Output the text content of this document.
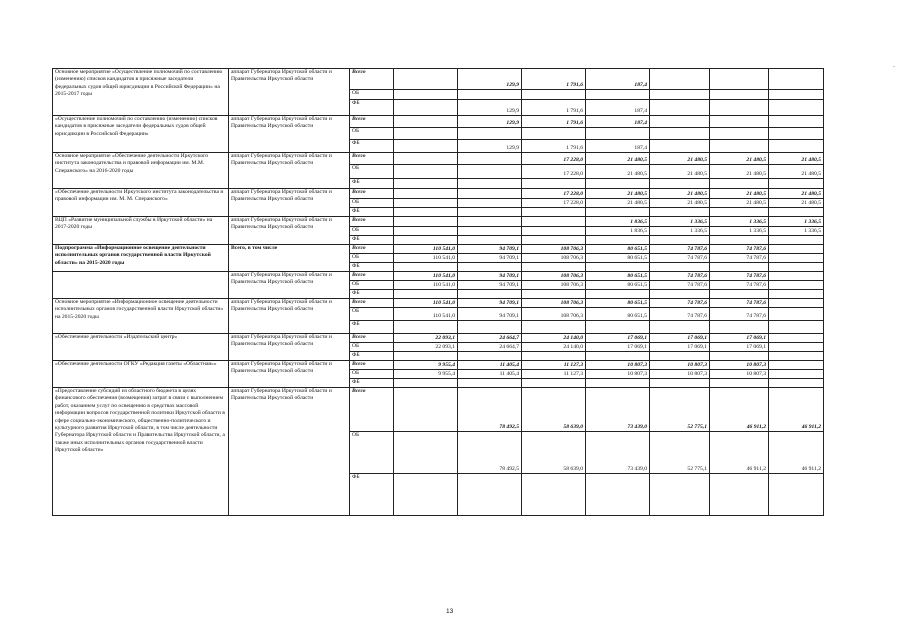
Основное мероприятие «Осуществление полномочий по составлению (изменению) списков кандидатов в присяжные заседатели федеральных судов общей юрисдикции в Российской Федерации» на 2015-2017 годы	аппарат Губернатора Иркутской области и Правительства Иркутской области	Всего		129,9	1 791,6	187,4			
		ОБ							
		ФБ		129,9	1 791,6	187,4			
«Осуществление полномочий по составлению (изменению) списков кандидатов в присяжные заседатели федеральных судов общей юрисдикции в Российской Федерации»	аппарат Губернатора Иркутской области и Правительства Иркутской области	Всего		129,9	1 791,6	187,4			
		ОБ							
		ФБ		129,9	1 791,6	187,4			
Основное мероприятие «Обеспечение деятельности Иркутского института законодательства и правовой информации им. М.М. Сперанского» на 2016-2020 годы	аппарат Губернатора Иркутской области и Правительства Иркутской области	Всего			17 228,0	21 480,5	21 480,5	21 480,5	21 480,5
		ОБ			17 228,0	21 480,5	21 480,5	21 480,5	21 480,5
		ФБ							
«Обеспечение деятельности Иркутского института законодательства и правовой информации им. М. М. Сперанского»	аппарат Губернатора Иркутской области и Правительства Иркутской области	Всего			17 228,0	21 480,5	21 480,5	21 480,5	21 480,5
		ОБ			17 228,0	21 480,5	21 480,5	21 480,5	21 480,5
		ФБ							
ВЦП «Развитие муниципальной службы в Иркутской области» на 2017-2020 годы	аппарат Губернатора Иркутской области и Правительства Иркутской области	Всего				1 836,5	1 336,5	1 336,5	1 336,5
		ОБ				1 836,5	1 336,5	1 336,5	1 336,5
		ФБ							
Подпрограмма «Информационное освещение деятельности исполнительных органов государственной власти Иркутской области» на 2015-2020 годы	Всего, в том числе	Всего	110 541,0	94 709,1	108 706,3	80 651,5	74 787,6	74 787,6	
		ОБ	110 541,0	94 709,1	108 706,3	80 651,5	74 787,6	74 787,6	
		ФБ							
	аппарат Губернатора Иркутской области и Правительства Иркутской области	Всего	110 541,0	94 709,1	108 706,3	80 651,5	74 787,6	74 787,6	
		ОБ	110 541,0	94 709,1	108 706,3	80 651,5	74 787,6	74 787,6	
		ФБ							
Основное мероприятие «Информационное освещение деятельности исполнительных органов государственной власти Иркутской области» на 2015-2020 годы	аппарат Губернатора Иркутской области и Правительства Иркутской области	Всего	110 541,0	94 709,1	108 706,3	80 651,5	74 787,6	74 787,6	
		ОБ	110 541,0	94 709,1	108 706,3	80 651,5	74 787,6	74 787,6	
		ФБ							
«Обеспечение деятельности «Издательский центр»	аппарат Губернатора Иркутской области и Правительства Иркутской области	Всего	22 093,1	24 664,7	24 140,0	17 069,1	17 069,1	17 069,1	
		ОБ	22 093,1	24 664,7	24 140,0	17 069,1	17 069,1	17 069,1	
		ФБ							
«Обеспечение деятельности ОГКУ «Редакция газеты «Областная»»	аппарат Губернатора Иркутской области и Правительства Иркутской области	Всего	9 955,4	11 405,4	11 127,3	10 807,3	10 807,3	10 807,3	
		ОБ	9 955,4	11 405,4	11 127,3	10 807,3	10 807,3	10 807,3	
		ФБ							
«Предоставление субсидий из областного бюджета в целях финансового обеспечения (возмещения) затрат в связи с выполнением работ, оказанием услуг по освещению в средствах массовой информации вопросов государственной политики Иркутской области в сфере социально-экономического, общественно-политического и культурного развития Иркутской области, в том числе деятельности Губернатора Иркутской области и Правительства Иркутской области, а также иных исполнительных органов государственной власти Иркутской области»	аппарат Губернатора Иркутской области и Правительства Иркутской области	Всего		78 492,5	58 639,0	73 439,0	52 775,1	46 911,2	46 911,2
		ОБ		78 492,5	58 639,0	73 439,0	52 775,1	46 911,2	46 911,2
		ФБ							
13
-
